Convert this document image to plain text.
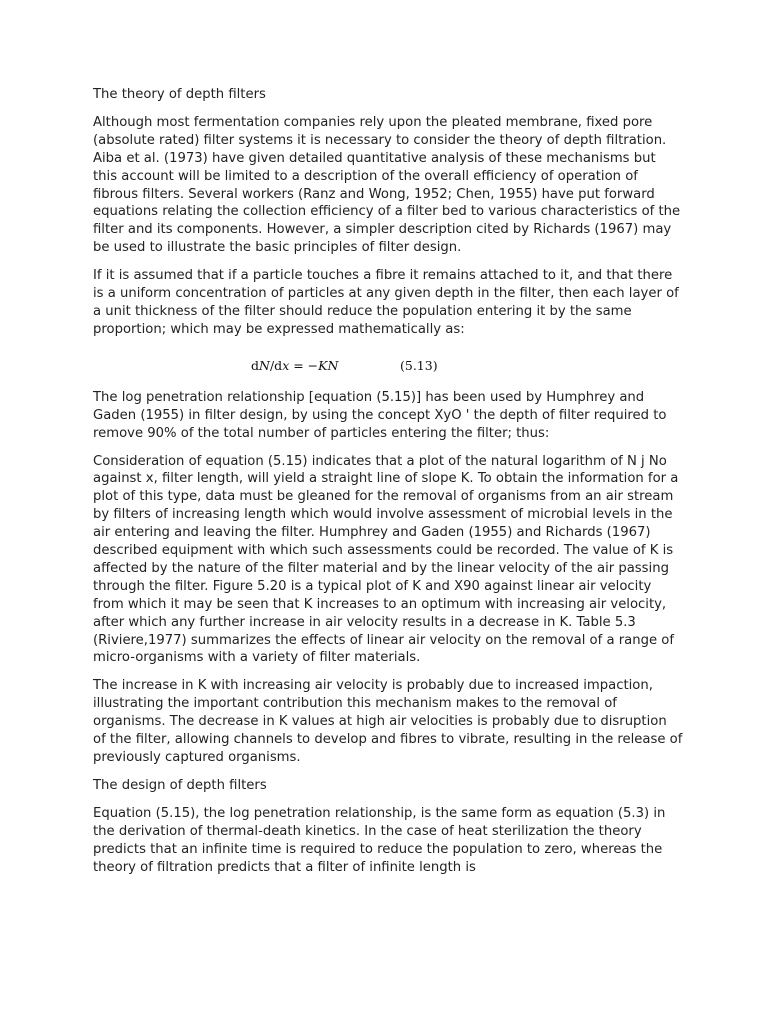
The theory of depth filters
Although most fermentation companies rely upon the pleated membrane, fixed pore (absolute rated) filter systems it is necessary to consider the theory of depth filtration. Aiba et al. (1973) have given detailed quantitative analysis of these mechanisms but this account will be limited to a description of the overall efficiency of operation of fibrous filters. Several workers (Ranz and Wong, 1952; Chen, 1955) have put forward equations relating the collection efficiency of a filter bed to various characteristics of the filter and its components. However, a simpler description cited by Richards (1967) may be used to illustrate the basic principles of filter design.
If it is assumed that if a particle touches a fibre it remains attached to it, and that there is a uniform concentration of particles at any given depth in the filter, then each layer of a unit thickness of the filter should reduce the population entering it by the same proportion; which may be expressed mathematically as:
dN/dx = −KN	(5.13)
The log penetration relationship [equation (5.15)] has been used by Humphrey and Gaden (1955) in filter design, by using the concept XyO ' the depth of filter required to remove 90% of the total number of particles entering the filter; thus:
Consideration of equation (5.15) indicates that a plot of the natural logarithm of N j No against x, filter length, will yield a straight line of slope K. To obtain the information for a plot of this type, data must be gleaned for the removal of organisms from an air stream by filters of increasing length which would involve assessment of microbial levels in the air entering and leaving the filter. Humphrey and Gaden (1955) and Richards (1967) described equipment with which such assessments could be recorded. The value of K is affected by the nature of the filter material and by the linear velocity of the air passing through the filter. Figure 5.20 is a typical plot of K and X90 against linear air velocity from which it may be seen that K increases to an optimum with increasing air velocity, after which any further increase in air velocity results in a decrease in K. Table 5.3 (Riviere,1977) summarizes the effects of linear air velocity on the removal of a range of micro-organisms with a variety of filter materials.
The increase in K with increasing air velocity is probably due to increased impaction, illustrating the important contribution this mechanism makes to the removal of organisms. The decrease in K values at high air velocities is probably due to disruption of the filter, allowing channels to develop and fibres to vibrate, resulting in the release of previously captured organisms.
The design of depth filters
Equation (5.15), the log penetration relationship, is the same form as equation (5.3) in the derivation of thermal-death kinetics. In the case of heat sterilization the theory predicts that an infinite time is required to reduce the population to zero, whereas the theory of filtration predicts that a filter of infinite length is
